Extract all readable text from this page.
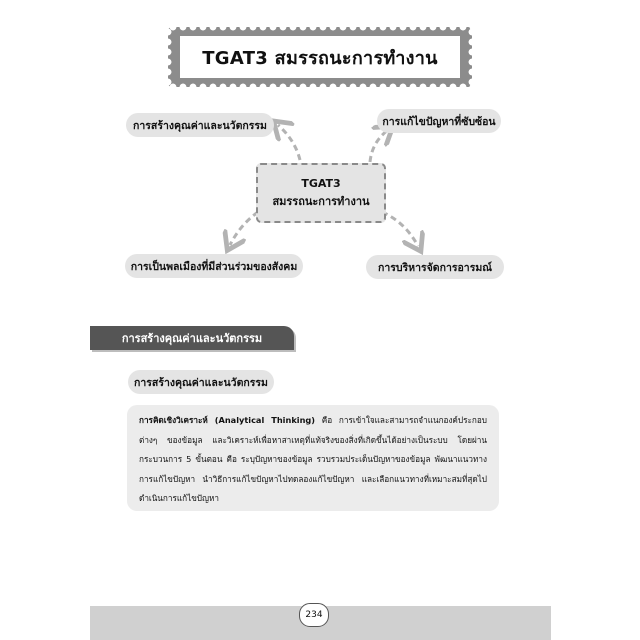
TGAT3 สมรรถนะการทำงาน
การสร้างคุณค่าและนวัตกรรม	การแก้ไขปัญหาที่ซับซ้อน
TGAT3
สมรรถนะการทำงาน
การเป็นพลเมืองที่มีส่วนร่วมของสังคม	การบริหารจัดการอารมณ์
การสร้างคุณค่าและนวัตกรรม
การสร้างคุณค่าและนวัตกรรม
การคิดเชิงวิเคราะห์ (Analytical Thinking) คือ การเข้าใจและสามารถจำแนกองค์ประกอบต่างๆ ของข้อมูล และวิเคราะห์เพื่อหาสาเหตุที่แท้จริงของสิ่งที่เกิดขึ้นได้อย่างเป็นระบบ โดยผ่านกระบวนการ 5 ขั้นตอน คือ ระบุปัญหาของข้อมูล รวบรวมประเด็นปัญหาของข้อมูล พัฒนาแนวทางการแก้ไขปัญหา นำวิธีการแก้ไขปัญหาไปทดลองแก้ไขปัญหา และเลือกแนวทางที่เหมาะสมที่สุดไปดำเนินการแก้ไขปัญหา
234
